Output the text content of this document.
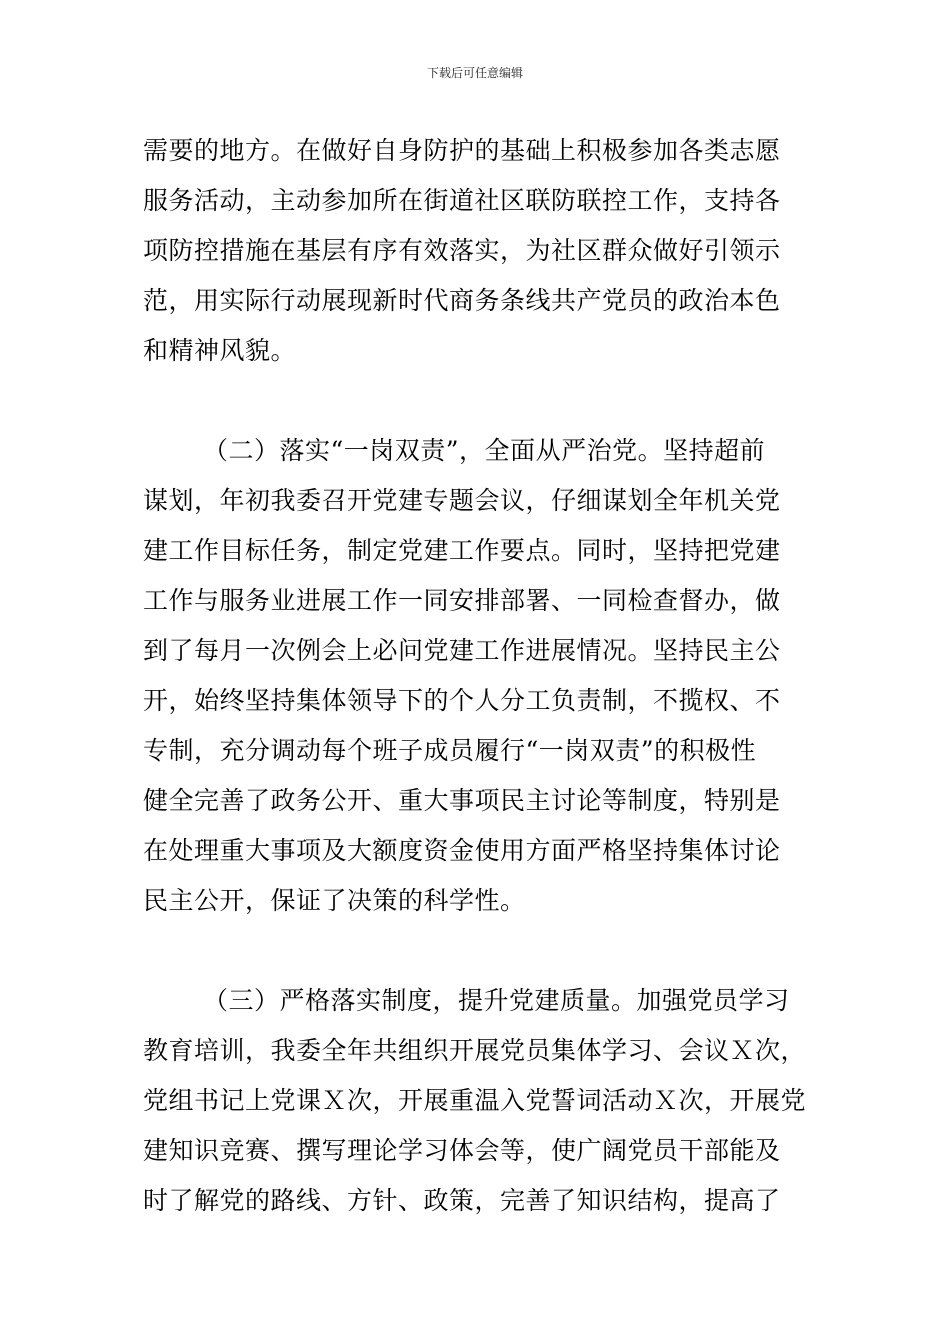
下载后可任意编辑
需要的地方。在做好自身防护的基础上积极参加各类志愿
服务活动，主动参加所在街道社区联防联控工作，支持各
项防控措施在基层有序有效落实，为社区群众做好引领示
范，用实际行动展现新时代商务条线共产党员的政治本色
和精神风貌。
（二）落实“一岗双责”，全面从严治党。坚持超前
谋划，年初我委召开党建专题会议，仔细谋划全年机关党
建工作目标任务，制定党建工作要点。同时，坚持把党建
工作与服务业进展工作一同安排部署、一同检查督办，做
到了每月一次例会上必问党建工作进展情况。坚持民主公
开，始终坚持集体领导下的个人分工负责制，不揽权、不
专制，充分调动每个班子成员履行“一岗双责”的积极性
健全完善了政务公开、重大事项民主讨论等制度，特别是
在处理重大事项及大额度资金使用方面严格坚持集体讨论
民主公开，保证了决策的科学性。
（三）严格落实制度，提升党建质量。加强党员学习
教育培训，我委全年共组织开展党员集体学习、会议Ｘ次，
党组书记上党课Ｘ次，开展重温入党誓词活动Ｘ次，开展党
建知识竞赛、撰写理论学习体会等，使广阔党员干部能及
时了解党的路线、方针、政策，完善了知识结构，提高了
